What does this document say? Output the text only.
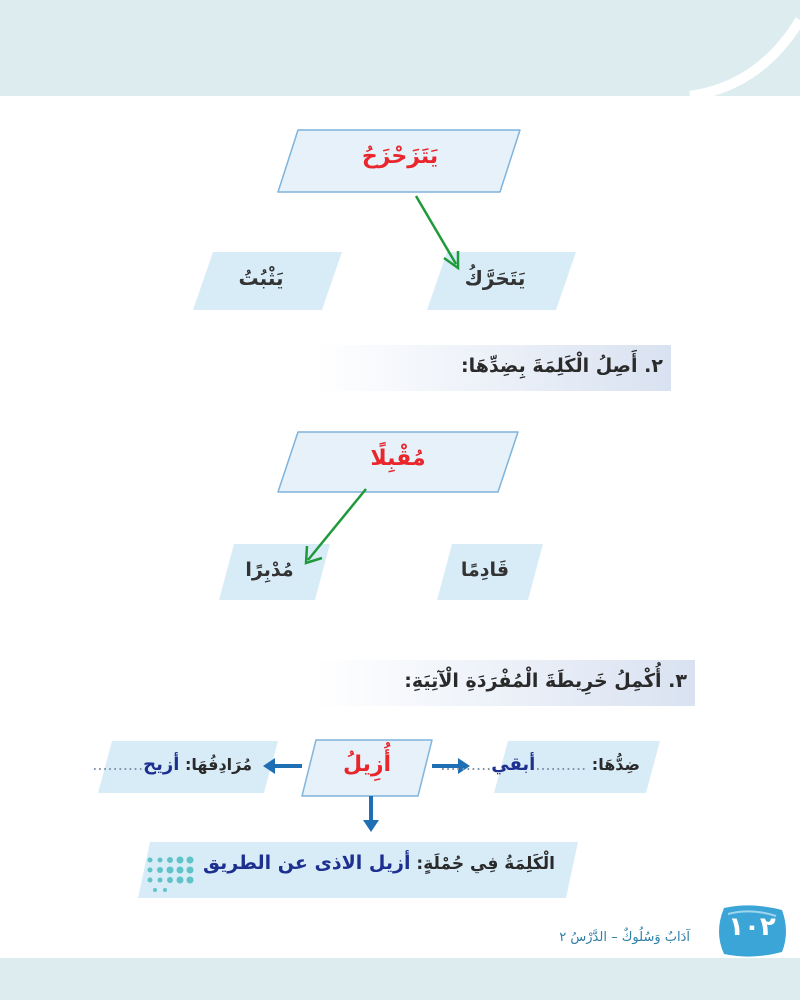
يَتَزَحْزَحُ
يَتَحَرَّكُ
يَثْبُتُ
٢. أَصِلُ الْكَلِمَةَ بِضِدِّهَا:
مُقْبِلًا
قَادِمًا
مُدْبِرًا
٣. أُكْمِلُ خَرِيطَةَ الْمُفْرَدَةِ الْآتِيَةِ:
أُزِيلُ	ضِدُّهَا: ..........أبقي..........
مُرَادِفُهَا: أزيح..........
الْكَلِمَةُ فِي جُمْلَةٍ: أزيل الاذى عن الطريق
١٠٢
آدَابٌ وَسُلُوكٌ – الدَّرْسُ ٢
